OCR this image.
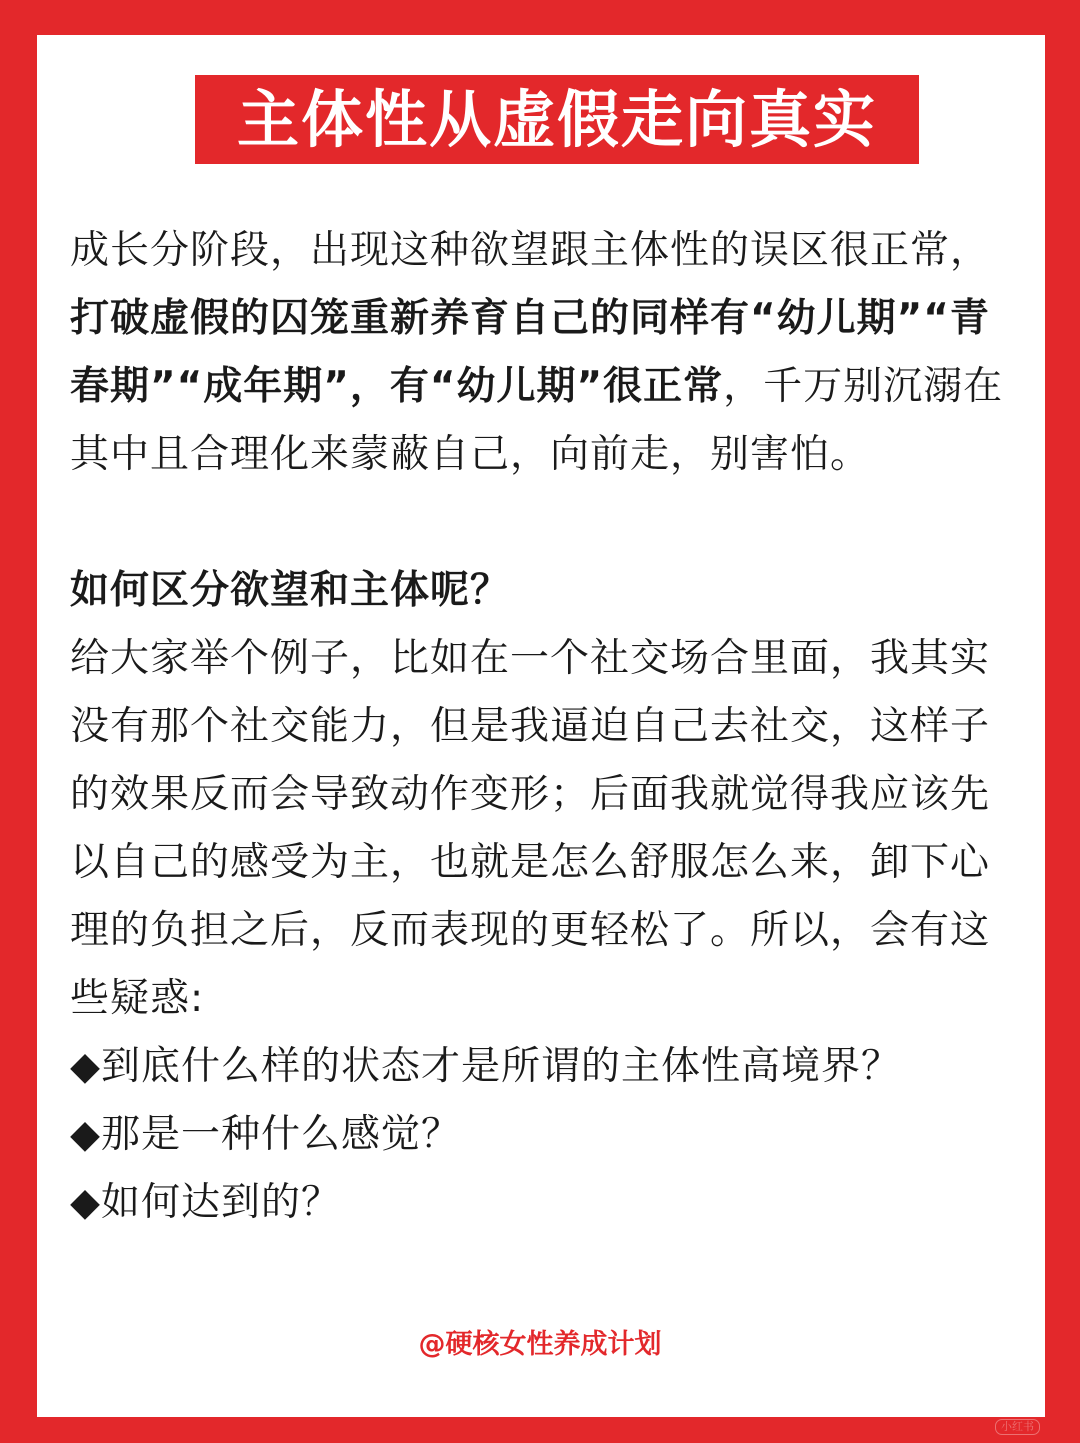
主体性从虚假走向真实

成长分阶段，出现这种欲望跟主体性的误区很正常，打破虚假的囚笼重新养育自己的同样有“幼儿期”“青春期”“成年期”，有“幼儿期”很正常，千万别沉溺在其中且合理化来蒙蔽自己，向前走，别害怕。

如何区分欲望和主体呢？

给大家举个例子，比如在一个社交场合里面，我其实没有那个社交能力，但是我逼迫自己去社交，这样子的效果反而会导致动作变形；后面我就觉得我应该先以自己的感受为主，也就是怎么舒服怎么来，卸下心理的负担之后，反而表现的更轻松了。所以，会有这些疑惑:

◆到底什么样的状态才是所谓的主体性高境界？

◆那是一种什么感觉？

◆如何达到的？

@硬核女性养成计划
小红书
